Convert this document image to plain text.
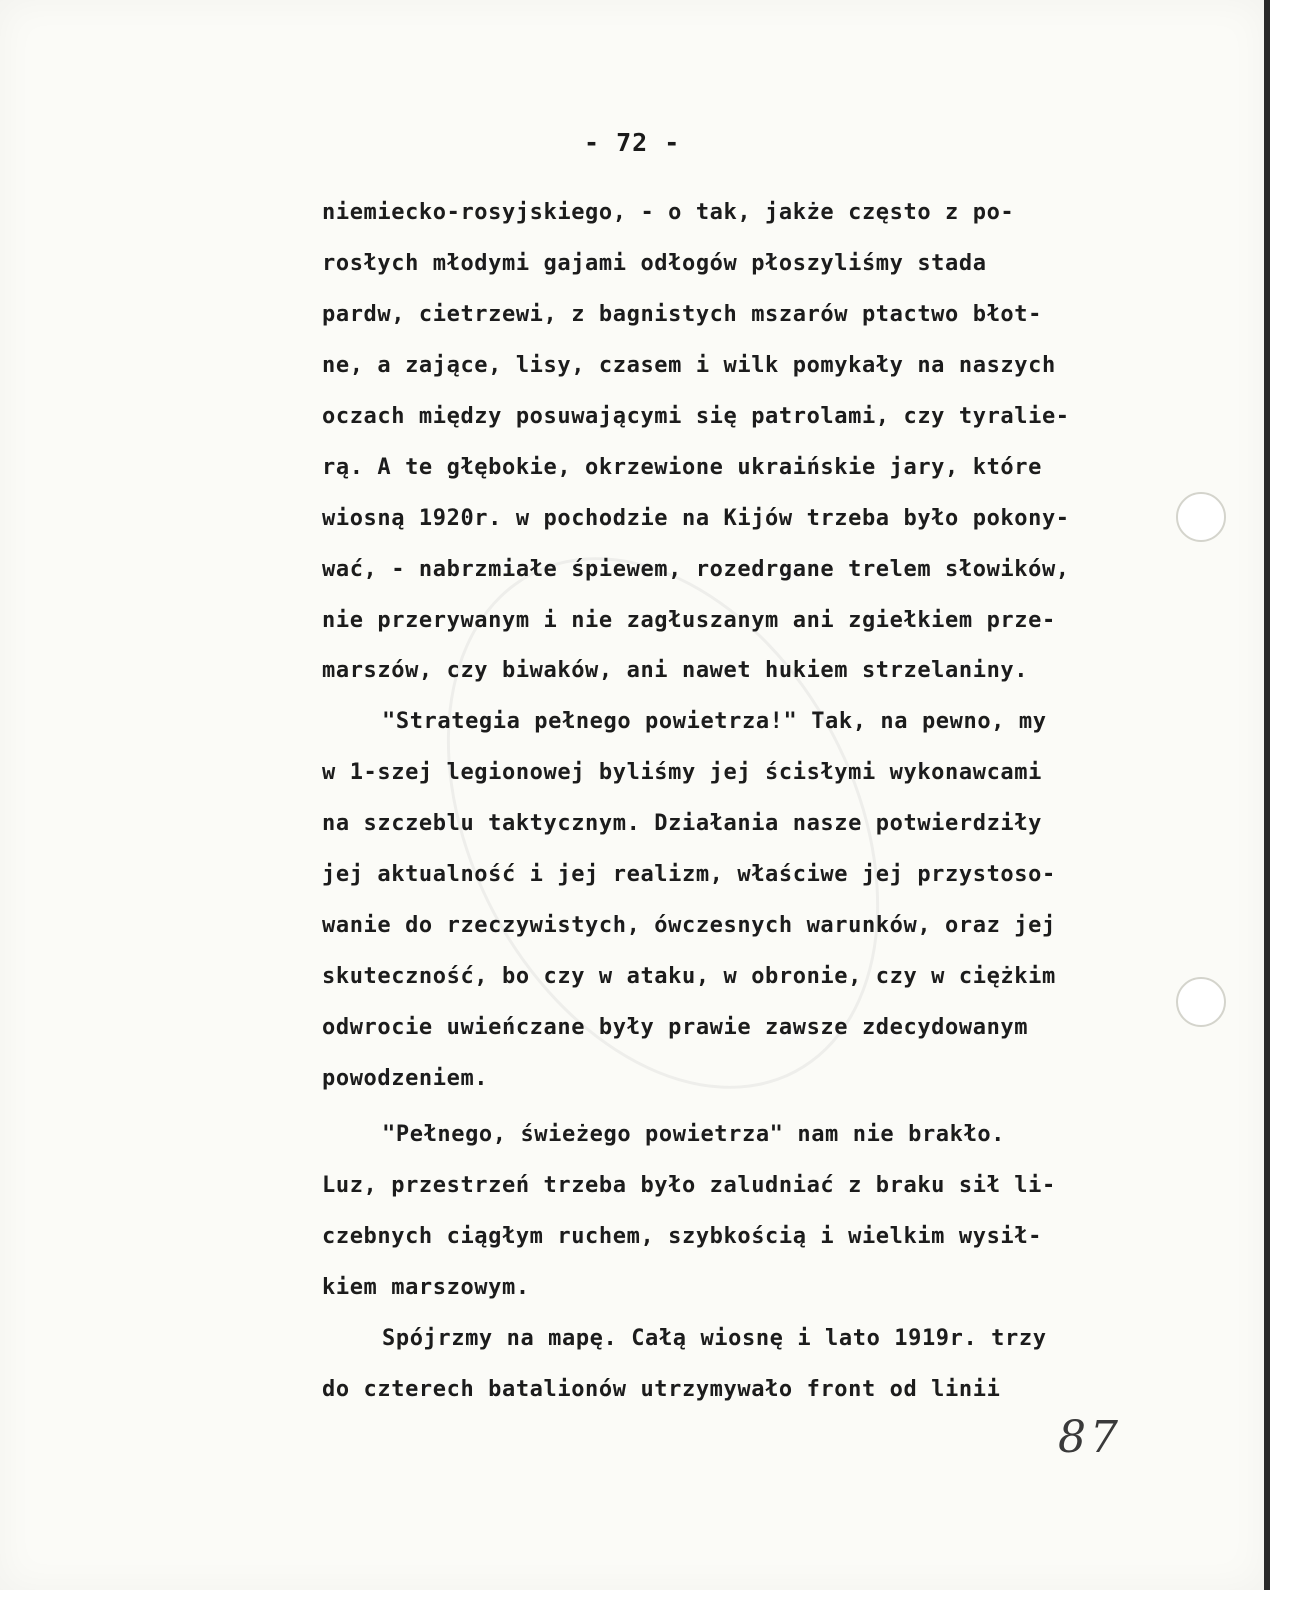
- 72 -
niemiecko-rosyjskiego, - o tak, jakże często z po-
rosłych młodymi gajami odłogów płoszyliśmy stada
pardw, cietrzewi, z bagnistych mszarów ptactwo błot-
ne, a zające, lisy, czasem i wilk pomykały na naszych
oczach między posuwającymi się patrolami, czy tyralie-
rą. A te głębokie, okrzewione ukraińskie jary, które
wiosną 1920r. w pochodzie na Kijów trzeba było pokony-
wać, - nabrzmiałe śpiewem, rozedrgane trelem słowików,
nie przerywanym i nie zagłuszanym ani zgiełkiem prze-
marszów, czy biwaków, ani nawet hukiem strzelaniny.
"Strategia pełnego powietrza!" Tak, na pewno, my
w 1-szej legionowej byliśmy jej ścisłymi wykonawcami
na szczeblu taktycznym. Działania nasze potwierdziły
jej aktualność i jej realizm, właściwe jej przystoso-
wanie do rzeczywistych, ówczesnych warunków, oraz jej
skuteczność, bo czy w ataku, w obronie, czy w ciężkim
odwrocie uwieńczane były prawie zawsze zdecydowanym
powodzeniem.
"Pełnego, świeżego powietrza" nam nie brakło.
Luz, przestrzeń trzeba było zaludniać z braku sił li-
czebnych ciągłym ruchem, szybkością i wielkim wysił-
kiem marszowym.
Spójrzmy na mapę. Całą wiosnę i lato 1919r. trzy
do czterech batalionów utrzymywało front od linii
87
